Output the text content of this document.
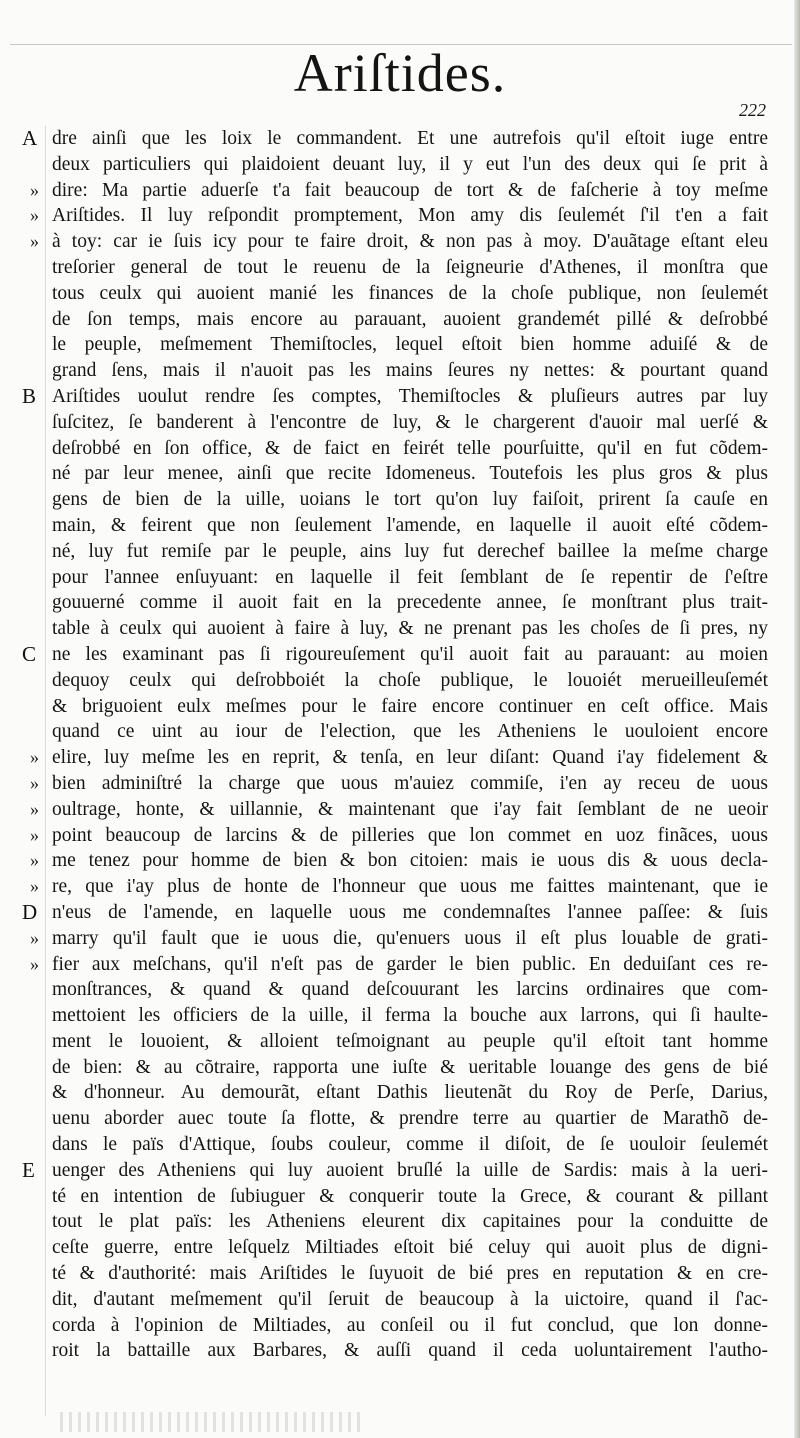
Ariſtides.
222
A dre ainſi que les loix le commandent. Et une autrefois qu'il eſtoit iuge entre
deux particuliers qui plaidoient deuant luy, il y eut l'un des deux qui ſe prit à
» dire: Ma partie aduerſe t'a fait beaucoup de tort & de faſcherie à toy meſme
» Ariſtides. Il luy reſpondit promptement, Mon amy dis ſeulemét ſ'il t'en a fait
» à toy: car ie ſuis icy pour te faire droit, & non pas à moy. D'auãtage eſtant eleu
treſorier general de tout le reuenu de la ſeigneurie d'Athenes, il monſtra que
tous ceulx qui auoient manié les finances de la choſe publique, non ſeulemét
de ſon temps, mais encore au parauant, auoient grandemét pillé & deſrobbé
le peuple, meſmement Themiſtocles, lequel eſtoit bien homme aduiſé & de
grand ſens, mais il n'auoit pas les mains ſeures ny nettes: & pourtant quand
B Ariſtides uoulut rendre ſes comptes, Themiſtocles & pluſieurs autres par luy
ſuſcitez, ſe banderent à l'encontre de luy, & le chargerent d'auoir mal uerſé &
deſrobbé en ſon office, & de faict en feirét telle pourſuitte, qu'il en fut cõdem-
né par leur menee, ainſi que recite Idomeneus. Toutefois les plus gros & plus
gens de bien de la uille, uoians le tort qu'on luy faiſoit, prirent ſa cauſe en
main, & feirent que non ſeulement l'amende, en laquelle il auoit eſté cõdem-
né, luy fut remiſe par le peuple, ains luy fut derechef baillee la meſme charge
pour l'annee enſuyuant: en laquelle il feit ſemblant de ſe repentir de ſ'eſtre
gouuerné comme il auoit fait en la precedente annee, ſe monſtrant plus trait-
table à ceulx qui auoient à faire à luy, & ne prenant pas les choſes de ſi pres, ny
C ne les examinant pas ſi rigoureuſement qu'il auoit fait au parauant: au moien
dequoy ceulx qui deſrobboiét la choſe publique, le louoiét merueilleuſemét
& briguoient eulx meſmes pour le faire encore continuer en ceſt office. Mais
quand ce uint au iour de l'election, que les Atheniens le uouloient encore
» elire, luy meſme les en reprit, & tenſa, en leur diſant: Quand i'ay fidelement &
» bien adminiſtré la charge que uous m'auiez commiſe, i'en ay receu de uous
» oultrage, honte, & uillannie, & maintenant que i'ay fait ſemblant de ne ueoir
» point beaucoup de larcins & de pilleries que lon commet en uoz finãces, uous
» me tenez pour homme de bien & bon citoien: mais ie uous dis & uous decla-
» re, que i'ay plus de honte de l'honneur que uous me faittes maintenant, que ie
D n'eus de l'amende, en laquelle uous me condemnaſtes l'annee paſſee: & ſuis
» marry qu'il fault que ie uous die, qu'enuers uous il eſt plus louable de grati-
» fier aux meſchans, qu'il n'eſt pas de garder le bien public. En deduiſant ces re-
monſtrances, & quand & quand deſcouurant les larcins ordinaires que com-
mettoient les officiers de la uille, il ferma la bouche aux larrons, qui ſi haulte-
ment le louoient, & alloient teſmoignant au peuple qu'il eſtoit tant homme
de bien: & au cõtraire, rapporta une iuſte & ueritable louange des gens de bié
& d'honneur. Au demourãt, eſtant Dathis lieutenãt du Roy de Perſe, Darius,
uenu aborder auec toute ſa flotte, & prendre terre au quartier de Marathõ de-
dans le païs d'Attique, ſoubs couleur, comme il diſoit, de ſe uouloir ſeulemét
E uenger des Atheniens qui luy auoient bruſlé la uille de Sardis: mais à la ueri-
té en intention de ſubiuguer & conquerir toute la Grece, & courant & pillant
tout le plat païs: les Atheniens eleurent dix capitaines pour la conduitte de
ceſte guerre, entre leſquelz Miltiades eſtoit bié celuy qui auoit plus de digni-
té & d'authorité: mais Ariſtides le ſuyuoit de bié pres en reputation & en cre-
dit, d'autant meſmement qu'il ſeruit de beaucoup à la uictoire, quand il ſ'ac-
corda à l'opinion de Miltiades, au conſeil ou il fut conclud, que lon donne-
roit la battaille aux Barbares, & auſſi quand il ceda uoluntairement l'autho-
